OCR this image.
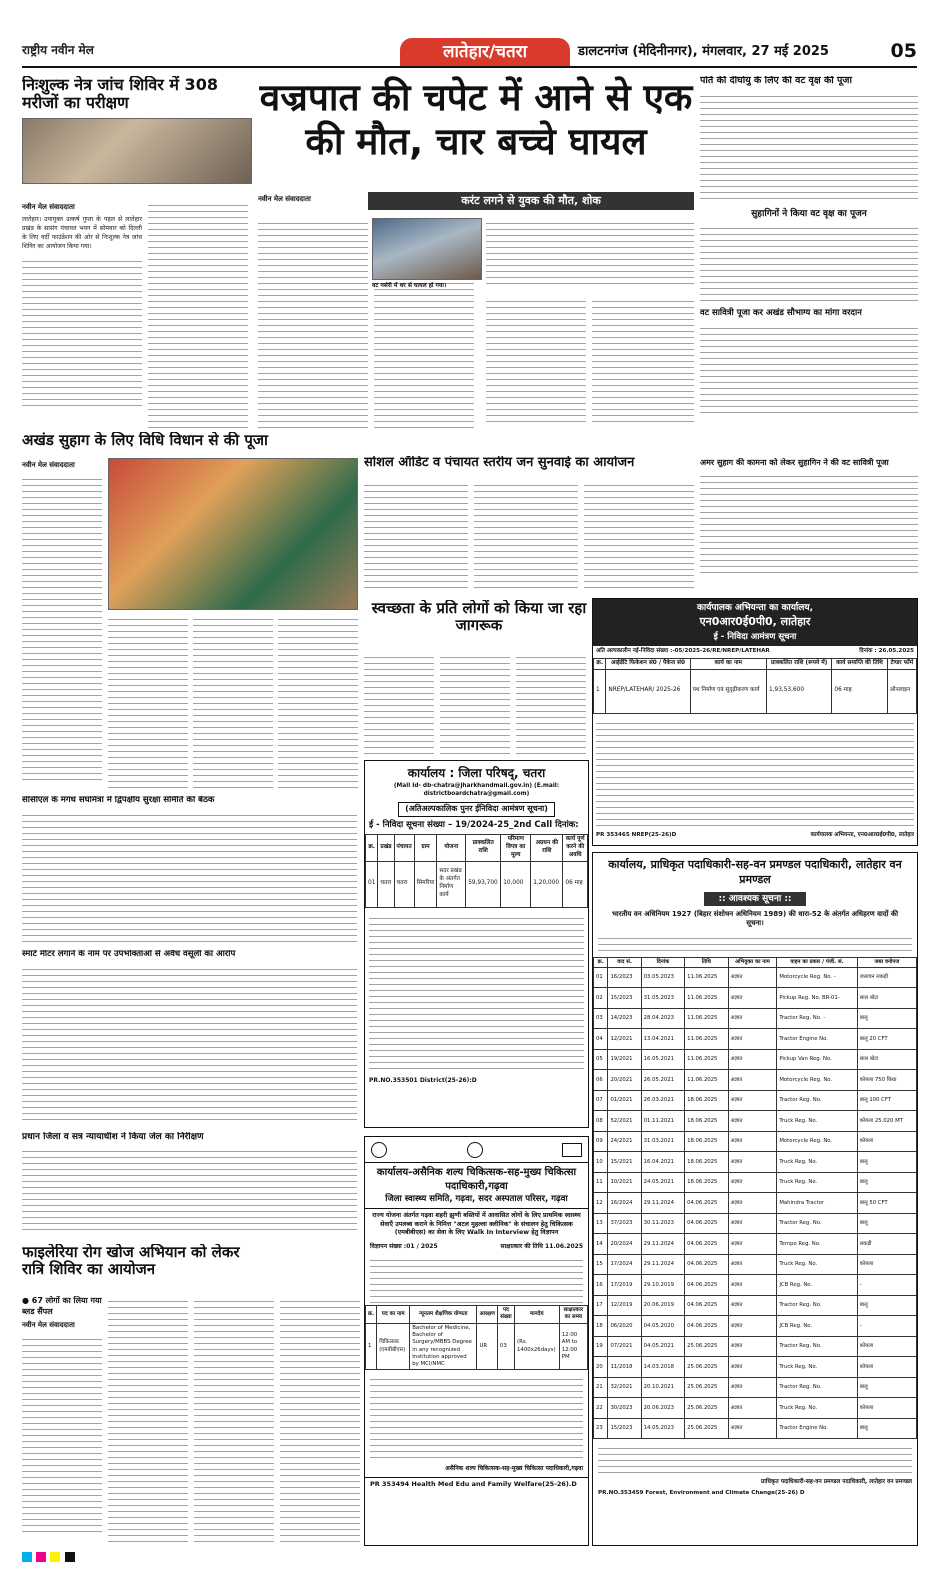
राष्ट्रीय नवीन मेल	लातेहार/चतरा	डालटनगंज (मेदिनीनगर), मंगलवार, 27 मई 2025	05
निःशुल्क नेत्र जांच शिविर में 308 मरीजों का परीक्षण
नवीन मेल संवाददाता
लातेहार। उपायुक्त उत्कर्ष गुप्ता के पहल से लातेहार प्रखंड के सासंग पंचायत भवन में सोमवार को दिल्ली के लिए वर्दी फाउंडेशन की ओर से निःशुल्क नेत्र जांच शिविर का आयोजन किया गया।
वज्रपात की चपेट में आने से एक की मौत, चार बच्चे घायल
नवीन मेल संवाददाता	करंट लगने से युवक की मौत, शोक
वट नर्सरी में धर से घायल हो गया।
पति की दीर्घायु के लिए की वट वृक्ष की पूजा
सुहागिनों ने किया वट वृक्ष का पूजन
वट सावित्री पूजा कर अखंड सौभाग्य का मांगा वरदान
अमर सुहाग की कामना को लेकर सुहागिन ने की वट सावित्री पूजा
अखंड सुहाग के लिए विधि विधान से की पूजा
नवीन मेल संवाददाता	सोशल ऑडिट व पंचायत स्तरीय जन सुनवाई का आयोजन
स्वच्छता के प्रति लोगों को किया जा रहा जागरूक
कार्यपालक अभियन्ता का कार्यालय,
एन0आर0ई0पी0, लातेहार
ई - निविदा आमंत्रण सूचना
अति अल्पकालीन नई-निविदा संख्या :-05/2025-26/RE/NREP/LATEHAR	दिनांक : 26.05.2025
क्र.	आईडेंटि फिकेशन सं0 / पैकेज सं0	कार्य का नाम	प्राक्कलित राशि (रूपये में)	कार्य समाप्ति की तिथि	टेण्डर फॉर्म
1	NREP/LATEHAR/ 2025-26	पथ निर्माण एवं सुदृढ़ीकरण कार्य	1,93,53,600	06 माह	ऑनलाइन
PR 353465 NREP(25-26)D	कार्यपालक अभियन्ता, एन0आर0ई0पी0, लातेहार
सीसीएल के मगध संघमित्रा में द्विपक्षीय सुरक्षा समिति की बैठक
स्मार्ट मीटर लगाने के नाम पर उपभोक्ताओं से अवैध वसूली का आरोप
प्रधान जिला व सत्र न्यायाधीश ने किया जेल का निरीक्षण
फाइलेरिया रोग खोज अभियान को लेकर रात्रि शिविर का आयोजन
● 67 लोगों का लिया गया ब्लड सैंपल
नवीन मेल संवाददाता
कार्यालय : जिला परिषद्, चतरा
(Mail Id- db-chatra@jharkhandmail.gov.in) (E.mail: districtboardchatra@gmail.com)
(अतिअल्पकालिक पुनर ईनिविदा आमंत्रण सूचना)
ई - निविदा सूचना संख्या – 19/2024-25_2nd Call दिनांक:
क्र.	प्रखंड	पंचायत	ग्राम	योजना	प्राक्कलित राशि	परिमाण विपत्र का मूल्य	अग्रधन की राशि	कार्य पूर्ण करने की अवधि
01	चतरा	चतरा	सिमरिया	सदर प्रखंड के अंतर्गत निर्माण कार्य	59,93,700	10,000	1,20,000	06 माह
PR.NO.353501 District(25-26):D
कार्यालय-असैनिक शल्य चिकित्सक-सह-मुख्य चिकित्सा पदाधिकारी,गढ़वा
जिला स्वास्थ्य समिति, गढ़वा, सदर अस्पताल परिसर, गढ़वा
राज्य योजना अंतर्गत गढ़वा शहरी झुग्गी बस्तियों में आवासित लोगों के लिए प्राथमिक स्वास्थ्य सेवाएँ उपलब्ध कराने के निमित्त "अटल मुहल्ला क्लीनिक" के संचालन हेतु चिकित्सक (एमबीबीएस) का सेवा के लिए Walk In Interview हेतु विज्ञापन
विज्ञापन संख्या :01 / 2025	साक्षात्कार की तिथि 11.06.2025
क्र.	पद का नाम	न्यूनतम शैक्षणिक योग्यता	आरक्षण	पद संख्या	मानदेय	साक्षात्कार का समय
1	चिकित्सक (एमबीबीएस)	Bachelor of Medicine, Bachelor of Surgery/MBBS Degree in any recognized Institution approved by MCI/NMC	UR	03	(Rs. 1400x26days)	12:00 AM to 12:00 PM
असैनिक शल्य चिकित्सक-सह-मुख्य चिकित्सा पदाधिकारी,गढ़वा
PR 353494 Health Med Edu and Family Welfare(25-26).D
कार्यालय, प्राधिकृत पदाधिकारी-सह-वन प्रमण्डल पदाधिकारी, लातेहार वन प्रमण्डल
:: आवश्यक सूचना ::
भारतीय वन अधिनियम 1927 (बिहार संशोधन अधिनियम 1989) की धारा-52 के अंतर्गत अधिहरण वादों की सूचना।
क्र.	वाद सं.	दिनांक	तिथि	अभियुक्त का नाम	वाहन का प्रकार / पंजी. सं.	जब्त वनोपज
01	16/2023	03.05.2023	11.06.2025	अज्ञात	Motorcycle Reg. No. -	जलावन लकड़ी
02	15/2023	31.05.2023	11.06.2025	अज्ञात	Pickup Reg. No. BR-01-	साल बोटा
03	14/2023	28.04.2023	11.06.2025	अज्ञात	Tractor Reg. No. -	बालू
04	12/2021	13.04.2021	11.06.2025	अज्ञात	Tractor Engine No.	बालू 20 CFT
05	19/2021	16.05.2021	11.06.2025	अज्ञात	Pickup Van Reg. No.	साल बोटा
06	20/2021	26.05.2021	11.06.2025	अज्ञात	Motorcycle Reg. No.	कोयला 750 किग्रा
07	01/2021	26.03.2021	18.06.2025	अज्ञात	Tractor Reg. No.	बालू 100 CFT
08	52/2021	01.11.2021	18.06.2025	अज्ञात	Truck Reg. No.	कोयला 25.020 MT
09	24/2021	31.03.2021	18.06.2025	अज्ञात	Motorcycle Reg. No.	कोयला
10	15/2021	16.04.2021	18.06.2025	अज्ञात	Truck Reg. No.	बालू
11	10/2021	24.05.2021	18.06.2025	अज्ञात	Truck Reg. No.	बालू
12	16/2024	29.11.2024	04.06.2025	अज्ञात	Mahindra Tractor	बालू 50 CFT
13	37/2023	30.11.2023	04.06.2025	अज्ञात	Tractor Reg. No.	बालू
14	20/2024	29.11.2024	04.06.2025	अज्ञात	Tempo Reg. No.	लकड़ी
15	17/2024	29.11.2024	04.06.2025	अज्ञात	Truck Reg. No.	कोयला
16	17/2019	29.10.2019	04.06.2025	अज्ञात	JCB Reg. No.	-
17	12/2019	20.06.2019	04.06.2025	अज्ञात	Tractor Reg. No.	बालू
18	06/2020	04.05.2020	04.06.2025	अज्ञात	JCB Reg. No.	-
19	07/2021	04.05.2021	25.06.2025	अज्ञात	Tractor Reg. No.	कोयला
20	11/2018	14.03.2018	25.06.2025	अज्ञात	Truck Reg. No.	कोयला
21	32/2021	20.10.2021	25.06.2025	अज्ञात	Tractor Reg. No.	बालू
22	30/2023	20.06.2023	25.06.2025	अज्ञात	Truck Reg. No.	कोयला
23	15/2023	14.05.2023	25.06.2025	अज्ञात	Tractor Engine No.	बालू
प्राधिकृत पदाधिकारी-सह-वन प्रमण्डल पदाधिकारी, लातेहार वन प्रमण्डल
PR.NO.353459 Forest, Environment and Climate Change(25-26) D
